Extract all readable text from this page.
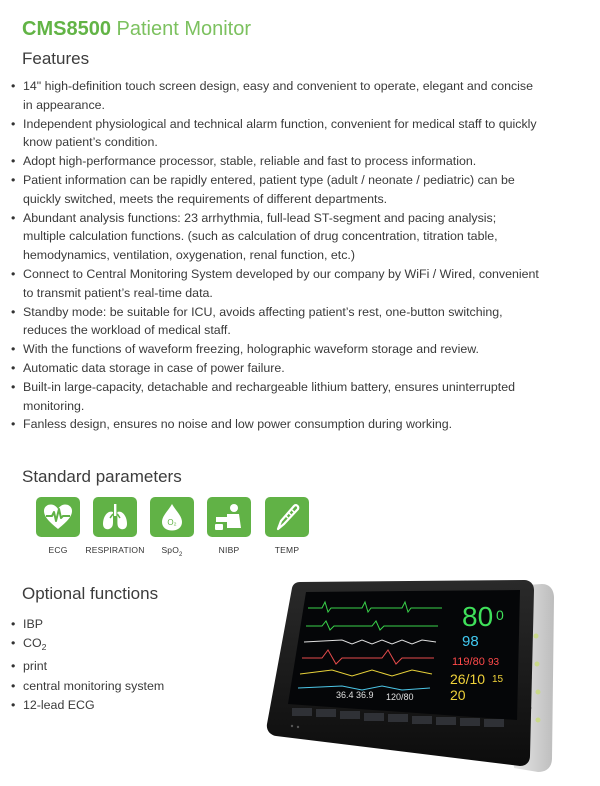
CMS8500 Patient Monitor
Features
• 14" high-definition touch screen design, easy and convenient to operate, elegant and concise in appearance.
• Independent physiological and technical alarm function, convenient for medical staff to quickly know patient’s condition.
• Adopt high-performance processor, stable, reliable and fast to process information.
• Patient information can be rapidly entered, patient type (adult / neonate / pediatric) can be quickly switched, meets the requirements of different departments.
• Abundant analysis functions: 23 arrhythmia, full-lead ST-segment and pacing analysis; multiple calculation functions. (such as calculation of drug concentration, titration table, hemodynamics, ventilation, oxygenation, renal function, etc.)
• Connect to Central Monitoring System developed by our company by WiFi / Wired, convenient to transmit patient’s real-time data.
• Standby mode: be suitable for ICU, avoids affecting patient’s rest, one-button switching, reduces the workload of medical staff.
• With the functions of waveform freezing, holographic waveform storage and review.
• Automatic data storage in case of power failure.
• Built-in large-capacity, detachable and rechargeable lithium battery, ensures uninterrupted monitoring.
• Fanless design, ensures no noise and low power consumption during working.
Standard parameters
ECG	RESPIRATION
O₂
SpO$_2$	NIBP	TEMP
Optional functions
• IBP
• $CO_2$
• print
• central monitoring system
• 12-lead ECG
80 0
98
119/80 93
26/10 15
20
36.4 36.9 120/80
